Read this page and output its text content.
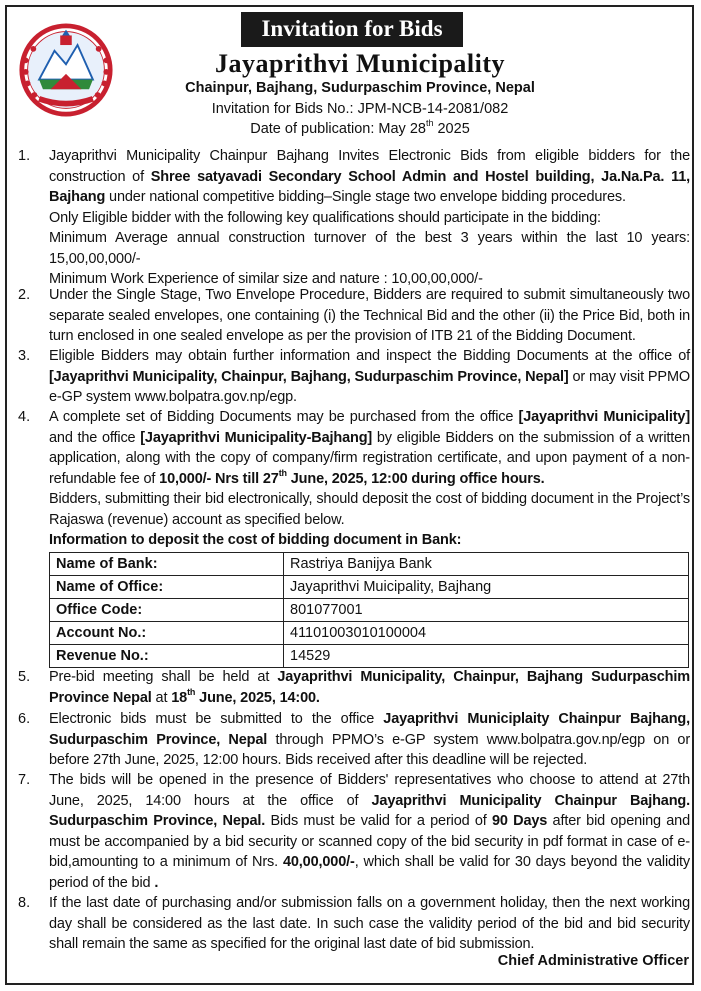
Invitation for Bids
Jayaprithvi Municipality
Chainpur, Bajhang, Sudurpaschim Province, Nepal
Invitation for Bids No.: JPM-NCB-14-2081/082
Date of publication: May 28th 2025
1. Jayaprithvi Municipality Chainpur Bajhang Invites Electronic Bids from eligible bidders for the construction of Shree satyavadi Secondary School Admin and Hostel building, Ja.Na.Pa. 11, Bajhang under national competitive bidding–Single stage two envelope bidding procedures.
Only Eligible bidder with the following key qualifications should participate in the bidding:
Minimum Average annual construction turnover of the best 3 years within the last 10 years: 15,00,00,000/-
Minimum Work Experience of similar size and nature : 10,00,00,000/-
2. Under the Single Stage, Two Envelope Procedure, Bidders are required to submit simultaneously two separate sealed envelopes, one containing (i) the Technical Bid and the other (ii) the Price Bid, both in turn enclosed in one sealed envelope as per the provision of ITB 21 of the Bidding Document.
3. Eligible Bidders may obtain further information and inspect the Bidding Documents at the office of [Jayaprithvi Municipality, Chainpur, Bajhang, Sudurpaschim Province, Nepal] or may visit PPMO e-GP system www.bolpatra.gov.np/egp.
4. A complete set of Bidding Documents may be purchased from the office [Jayaprithvi Municipality] and the office [Jayaprithvi Municipality-Bajhang] by eligible Bidders on the submission of a written application, along with the copy of company/firm registration certificate, and upon payment of a non-refundable fee of 10,000/- Nrs till 27th June, 2025, 12:00 during office hours.
Bidders, submitting their bid electronically, should deposit the cost of bidding document in the Project’s Rajaswa (revenue) account as specified below.
Information to deposit the cost of bidding document in Bank:
Name of Bank:	Rastriya Banijya Bank
Name of Office:	Jayaprithvi Muicipality, Bajhang
Office Code:	801077001
Account No.:	41101003010100004
Revenue No.:	14529
5. Pre-bid meeting shall be held at Jayaprithvi Municipality, Chainpur, Bajhang Sudurpaschim Province Nepal at 18th June, 2025, 14:00.
6. Electronic bids must be submitted to the office Jayaprithvi Municiplaity Chainpur Bajhang, Sudurpaschim Province, Nepal through PPMO’s e-GP system www.bolpatra.gov.np/egp on or before 27th June, 2025, 12:00 hours. Bids received after this deadline will be rejected.
7. The bids will be opened in the presence of Bidders' representatives who choose to attend at 27th June, 2025, 14:00 hours at the office of Jayaprithvi Municipality Chainpur Bajhang. Sudurpaschim Province, Nepal. Bids must be valid for a period of 90 Days after bid opening and must be accompanied by a bid security or scanned copy of the bid security in pdf format in case of e-bid,amounting to a minimum of Nrs. 40,00,000/-, which shall be valid for 30 days beyond the validity period of the bid .
8. If the last date of purchasing and/or submission falls on a government holiday, then the next working day shall be considered as the last date. In such case the validity period of the bid and bid security shall remain the same as specified for the original last date of bid submission.
Chief Administrative Officer
